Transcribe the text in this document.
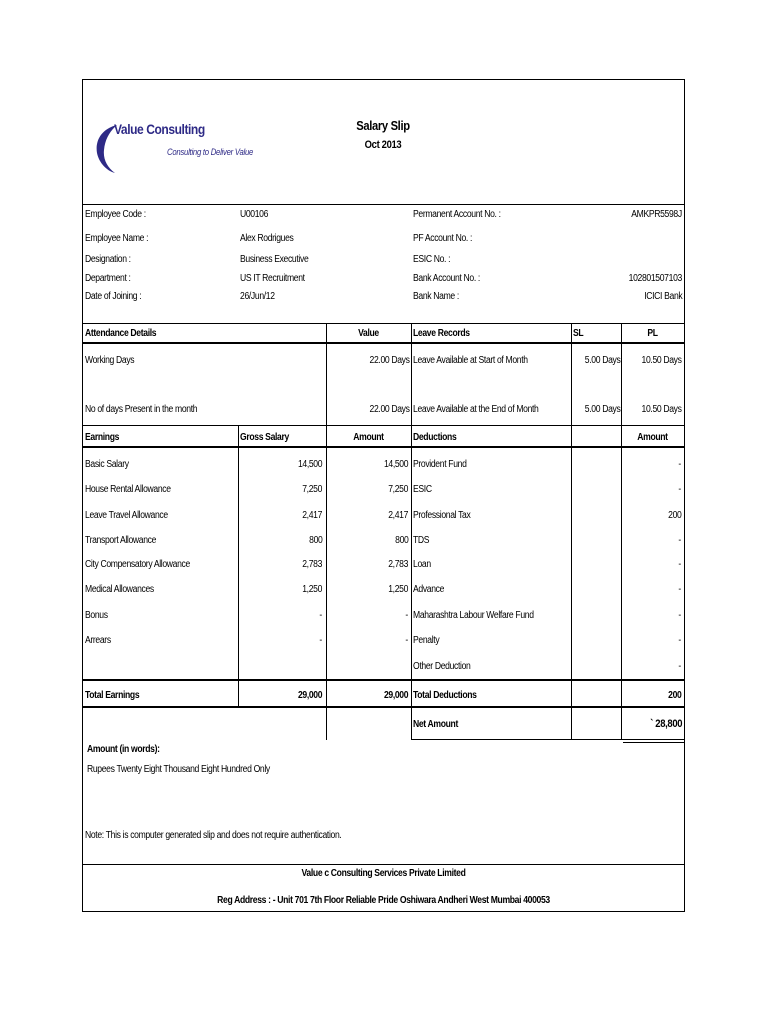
Value Consulting
Consulting to Deliver Value
Salary Slip
Oct 2013
Employee Code :	U00106
Employee Name :	Alex Rodrigues
Designation :	Business Executive
Department :	US IT Recruitment
Date of Joining :	26/Jun/12
Permanent Account No. :	AMKPR5598J
PF Account No. :
ESIC No. :
Bank Account No. :	102801507103
Bank Name :	ICICI Bank
Attendance Details	Value	Leave Records	SL	PL
Working Days	22.00 Days Leave Available at Start of Month	5.00 Days 10.50 Days
No of days Present in the month	22.00 Days Leave Available at the End of Month	5.00 Days 10.50 Days
Earnings	Gross Salary	Amount	Deductions	Amount
Basic Salary	14,500	14,500 Provident Fund	-
House Rental Allowance	7,250	7,250 ESIC	-
Leave Travel Allowance	2,417	2,417 Professional Tax	200
Transport Allowance	800	800 TDS	-
City Compensatory Allowance	2,783	2,783 Loan	-
Medical Allowances	1,250	1,250 Advance	-
Bonus	-	- Maharashtra Labour Welfare Fund	-
Arrears	-	- Penalty	-
Other Deduction	-
Total Earnings	29,000	29,000 Total Deductions	200
Net Amount	` 28,800
Amount (in words):
Rupees Twenty Eight Thousand Eight Hundred Only
Note: This is computer generated slip and does not require authentication.
Value c Consulting Services Private Limited
Reg Address : - Unit 701 7th Floor Reliable Pride Oshiwara Andheri West Mumbai 400053
